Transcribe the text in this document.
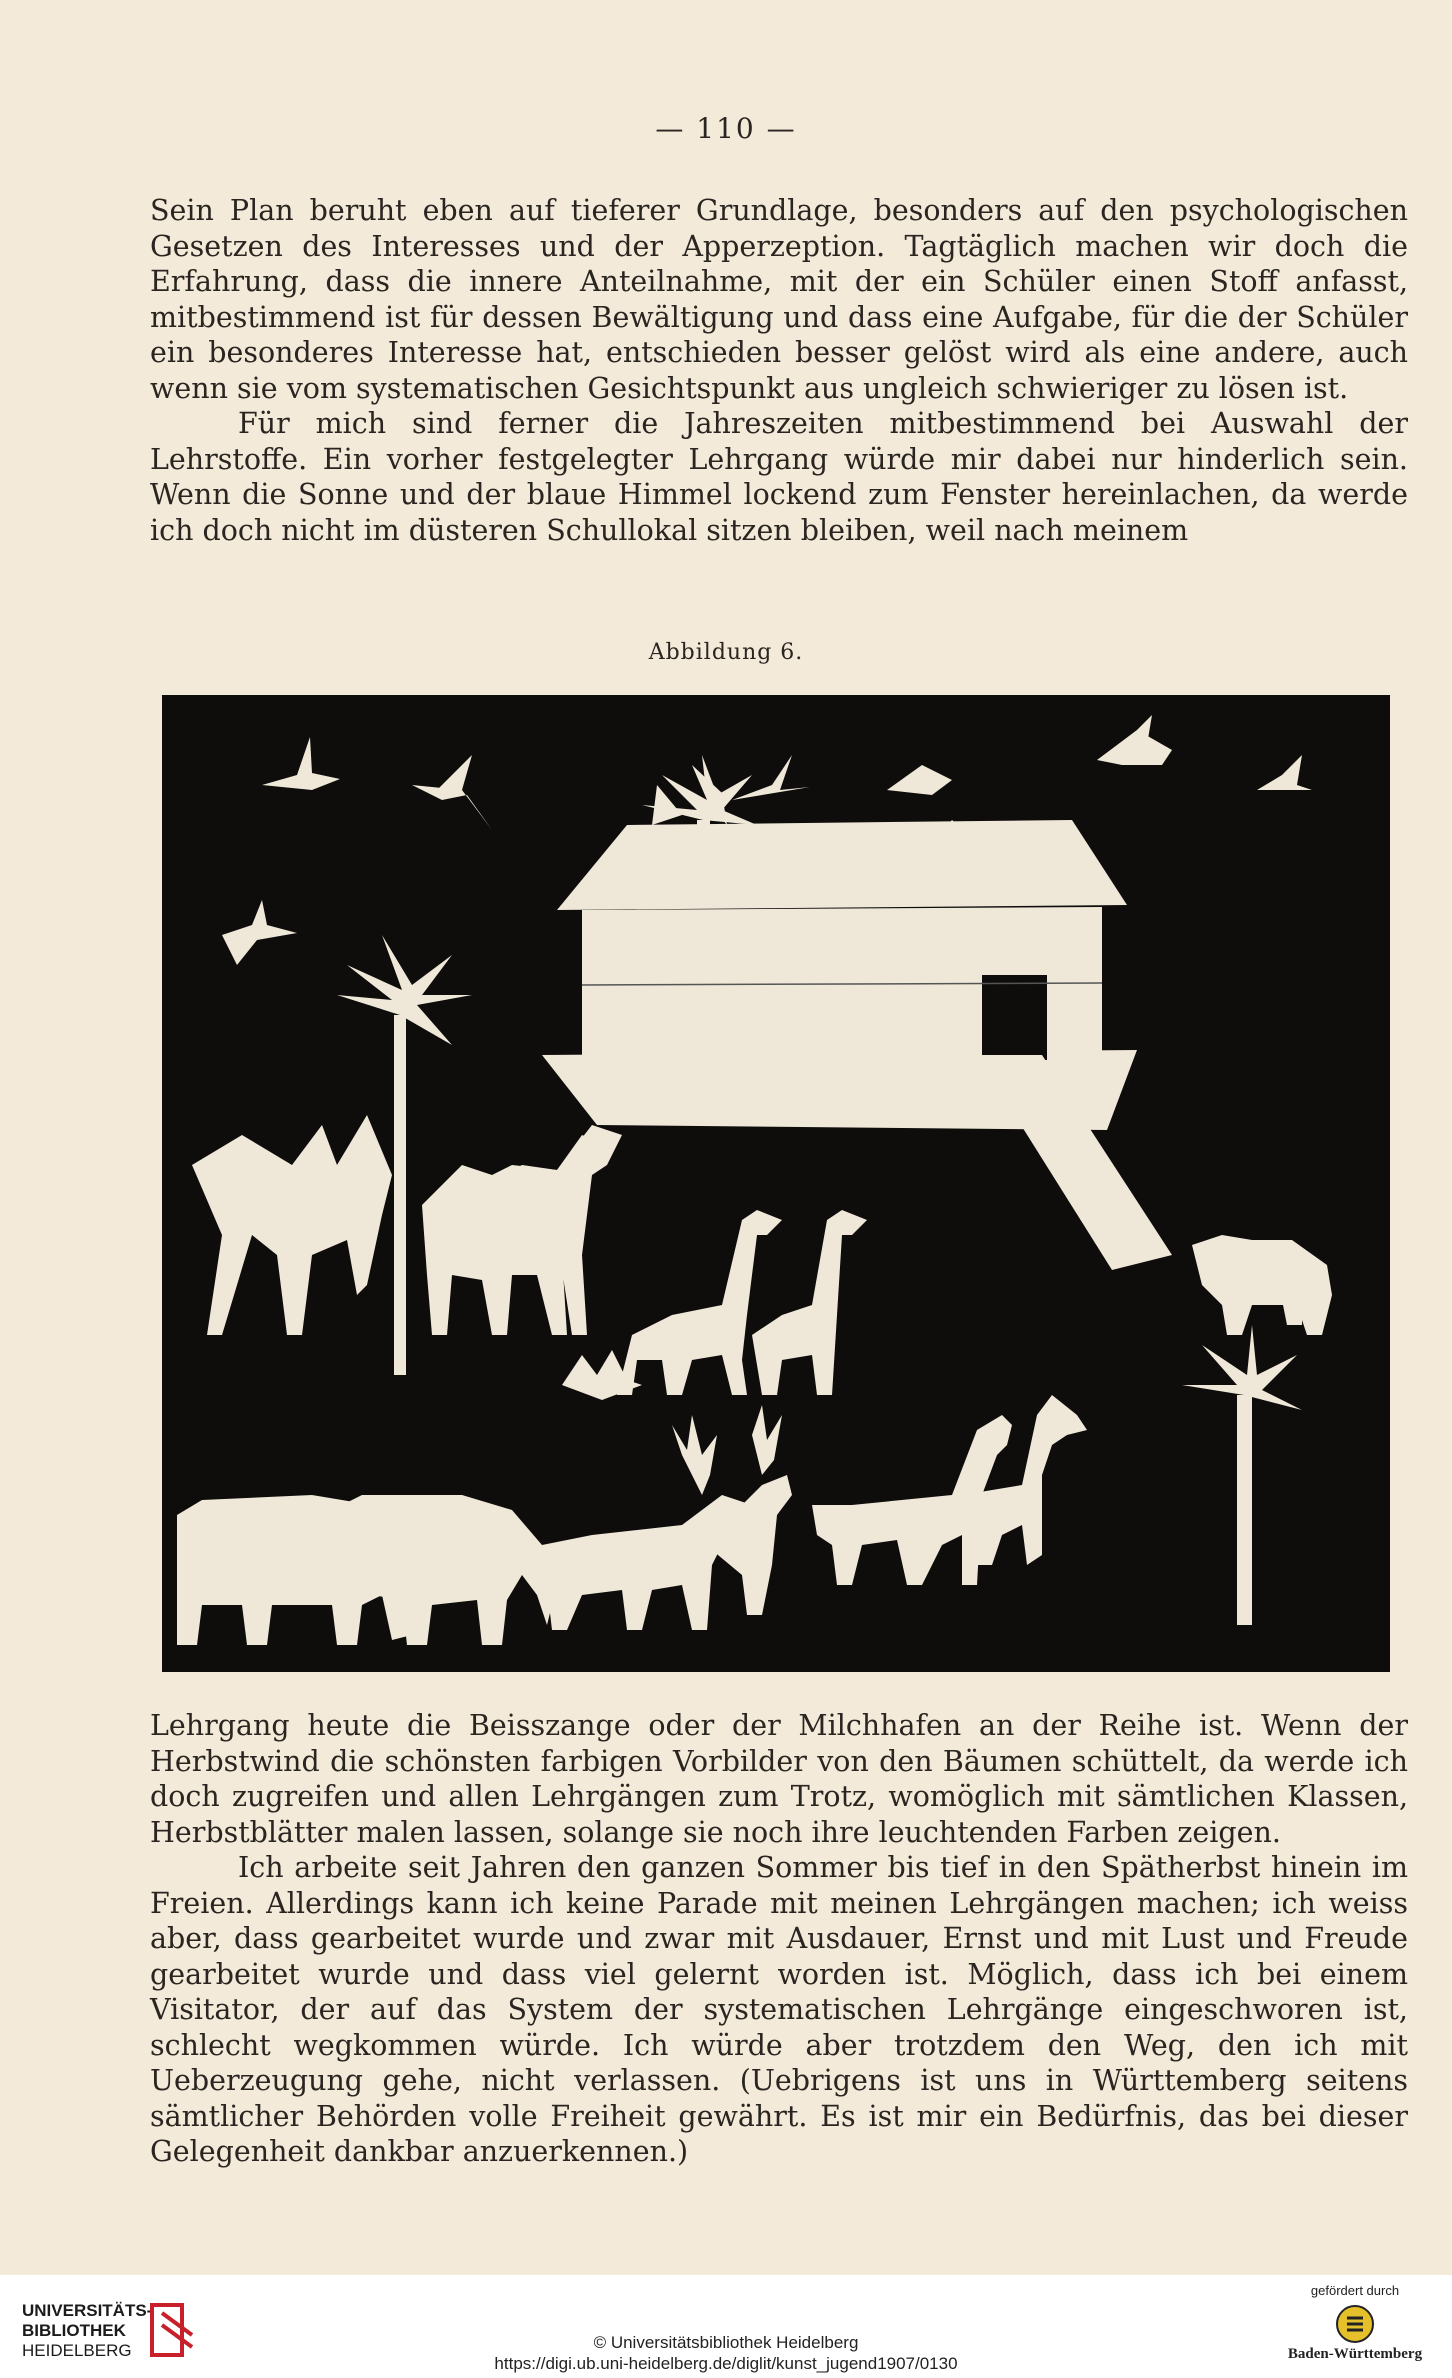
— 110 —

Sein Plan beruht eben auf tieferer Grundlage, besonders auf den psychologischen Gesetzen des Interesses und der Apperzeption. Tagtäglich machen wir doch die Erfahrung, dass die innere Anteilnahme, mit der ein Schüler einen Stoff anfasst, mitbestimmend ist für dessen Bewältigung und dass eine Aufgabe, für die der Schüler ein besonderes Interesse hat, entschieden besser gelöst wird als eine andere, auch wenn sie vom systematischen Gesichtspunkt aus ungleich schwieriger zu lösen ist.

Für mich sind ferner die Jahreszeiten mitbestimmend bei Auswahl der Lehrstoffe. Ein vorher festgelegter Lehrgang würde mir dabei nur hinderlich sein. Wenn die Sonne und der blaue Himmel lockend zum Fenster hereinlachen, da werde ich doch nicht im düsteren Schullokal sitzen bleiben, weil nach meinem

Abbildung 6.

Lehrgang heute die Beisszange oder der Milchhafen an der Reihe ist. Wenn der Herbstwind die schönsten farbigen Vorbilder von den Bäumen schüttelt, da werde ich doch zugreifen und allen Lehrgängen zum Trotz, womöglich mit sämtlichen Klassen, Herbstblätter malen lassen, solange sie noch ihre leuchtenden Farben zeigen.

Ich arbeite seit Jahren den ganzen Sommer bis tief in den Spätherbst hinein im Freien. Allerdings kann ich keine Parade mit meinen Lehrgängen machen; ich weiss aber, dass gearbeitet wurde und zwar mit Ausdauer, Ernst und mit Lust und Freude gearbeitet wurde und dass viel gelernt worden ist. Möglich, dass ich bei einem Visitator, der auf das System der systematischen Lehrgänge eingeschworen ist, schlecht wegkommen würde. Ich würde aber trotzdem den Weg, den ich mit Ueberzeugung gehe, nicht verlassen. (Uebrigens ist uns in Württemberg seitens sämtlicher Behörden volle Freiheit gewährt. Es ist mir ein Bedürfnis, das bei dieser Gelegenheit dankbar anzuerkennen.)

UNIVERSITÄTS-
BIBLIOTHEK
HEIDELBERG	© Universitätsbibliothek Heidelberg
https://digi.ub.uni-heidelberg.de/diglit/kunst_jugend1907/0130
gefördert durch
Baden-Württemberg
